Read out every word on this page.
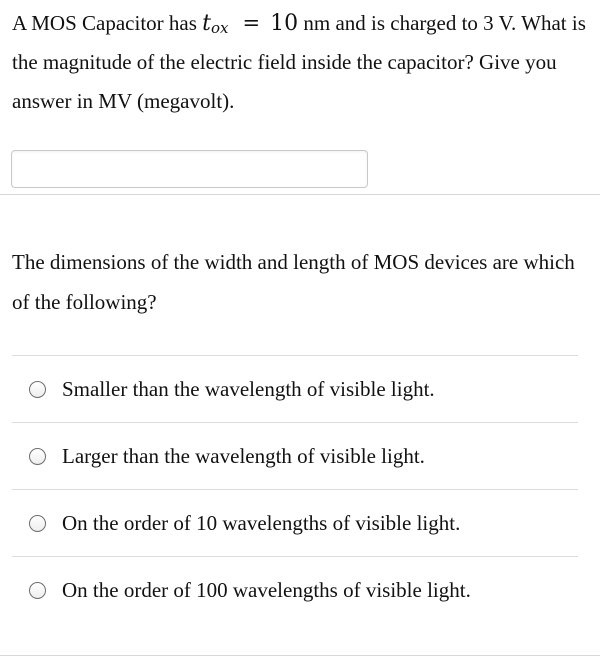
A MOS Capacitor has $t_{ox} = 10$ nm and is charged to 3 V. What is the magnitude of the electric field inside the capacitor? Give you answer in MV (megavolt).
The dimensions of the width and length of MOS devices are which of the following?
Smaller than the wavelength of visible light.
Larger than the wavelength of visible light.
On the order of 10 wavelengths of visible light.
On the order of 100 wavelengths of visible light.
